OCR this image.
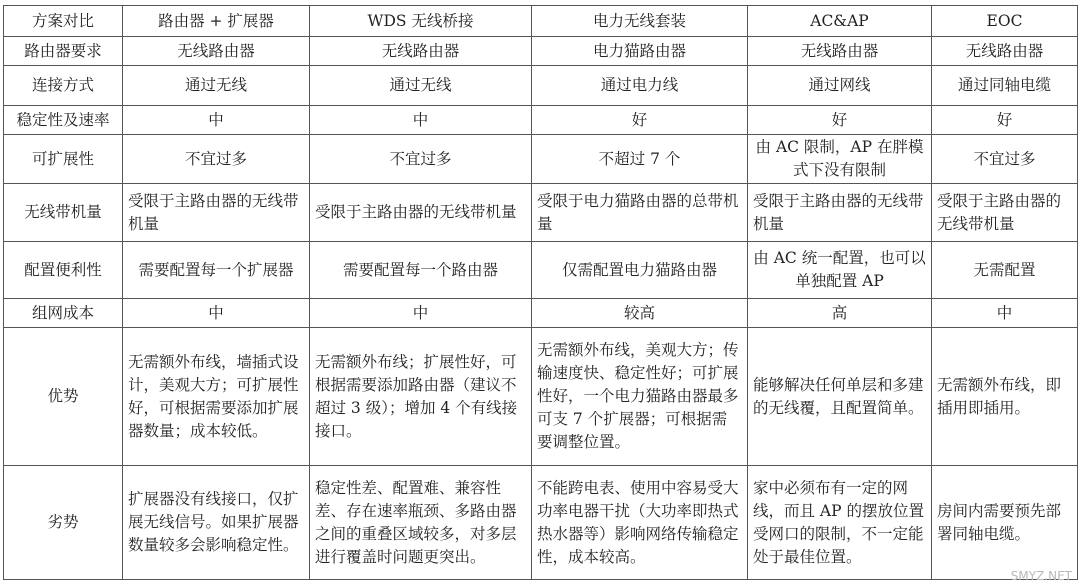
方案对比	路由器 + 扩展器	WDS 无线桥接	电力无线套装	AC&AP	EOC
路由器要求	无线路由器	无线路由器	电力猫路由器	无线路由器	无线路由器
连接方式	通过无线	通过无线	通过电力线	通过网线	通过同轴电缆
稳定性及速率	中	中	好	好	好
可扩展性	不宜过多	不宜过多	不超过 7 个	由 AC 限制，AP 在胖模式下没有限制	不宜过多
无线带机量	受限于主路由器的无线带机量	受限于主路由器的无线带机量	受限于电力猫路由器的总带机量	受限于主路由器的无线带机量	受限于主路由器的无线带机量
配置便利性	需要配置每一个扩展器	需要配置每一个路由器	仅需配置电力猫路由器	由 AC 统一配置，也可以单独配置 AP	无需配置
组网成本	中	中	较高	高	中
优势	无需额外布线，墙插式设计，美观大方；可扩展性好，可根据需要添加扩展器数量；成本较低。	无需额外布线；扩展性好，可根据需要添加路由器（建议不超过 3 级）；增加 4 个有线接接口。	无需额外布线，美观大方；传输速度快、稳定性好；可扩展性好，一个电力猫路由器最多可支 7 个扩展器；可根据需要调整位置。	能够解决任何单层和多建的无线覆，且配置简单。	无需额外布线，即插用即插用。
劣势	扩展器没有线接口，仅扩展无线信号。如果扩展器数量较多会影响稳定性。	稳定性差、配置难、兼容性差、存在速率瓶颈、多路由器之间的重叠区域较多，对多层进行覆盖时问题更突出。	不能跨电表、使用中容易受大功率电器干扰（大功率即热式热水器等）影响网络传输稳定性，成本较高。	家中必须布有一定的网线，而且 AP 的摆放位置受网口的限制，不一定能处于最佳位置。	房间内需要预先部署同轴电缆。
SMYZ.NET
